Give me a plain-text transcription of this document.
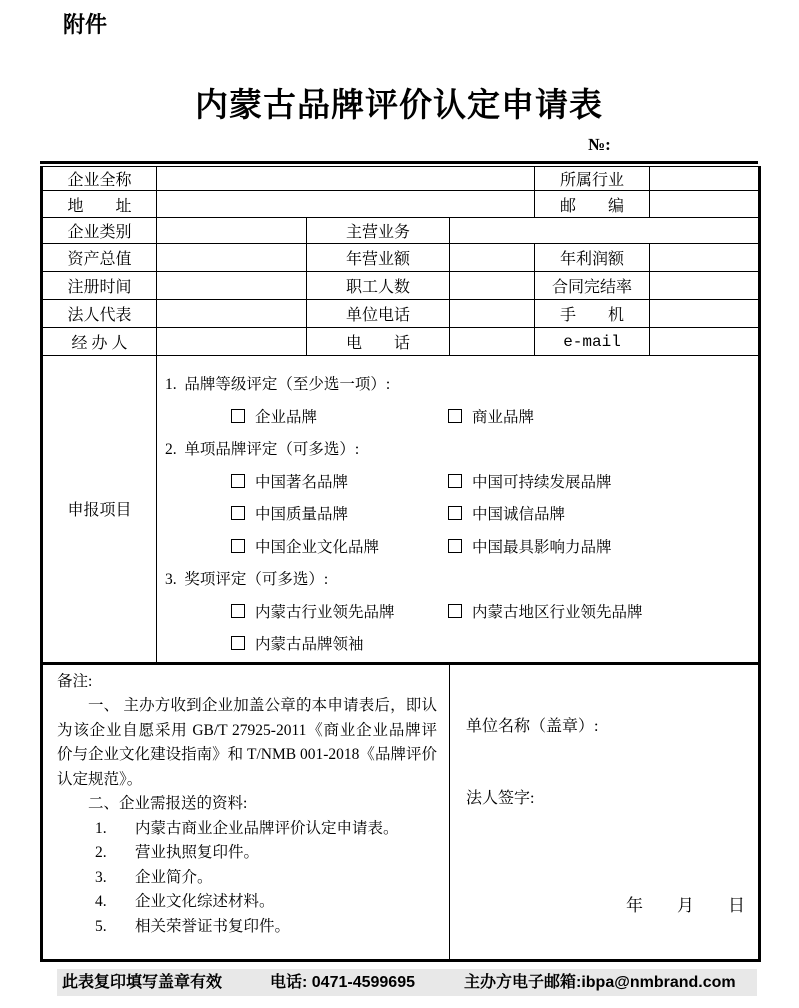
附件
内蒙古品牌评价认定申请表
№:
企业全称				所属行业	
地　　址				邮　　编	
企业类别		主营业务			
资产总值		年营业额		年利润额	
注册时间		职工人数		合同完结率	
法人代表		单位电话		手　　机	
经 办 人		电　　话		e-mail	
申报项目	
1.  品牌等级评定（至少选一项）:
企业品牌	商业品牌
2.  单项品牌评定（可多选）:
中国著名品牌	中国可持续发展品牌
中国质量品牌	中国诚信品牌
中国企业文化品牌	中国最具影响力品牌
3.  奖项评定（可多选）:
内蒙古行业领先品牌	内蒙古地区行业领先品牌
内蒙古品牌领袖

备注:

一、 主办方收到企业加盖公章的本申请表后，即认为该企业自愿采用 GB/T 27925-2011《商业企业品牌评价与企业文化建设指南》和 T/NMB 001-2018《品牌评价认定规范》。

二、企业需报送的资料:
1. 内蒙古商业企业品牌评价认定申请表。
2. 营业执照复印件。
3. 企业简介。
4. 企业文化综述材料。
5. 相关荣誉证书复印件。

单位名称（盖章）:
法人签字:
年　　月　　日
此表复印填写盖章有效	电话: 0471-4599695	主办方电子邮箱:ibpa@nmbrand.com
